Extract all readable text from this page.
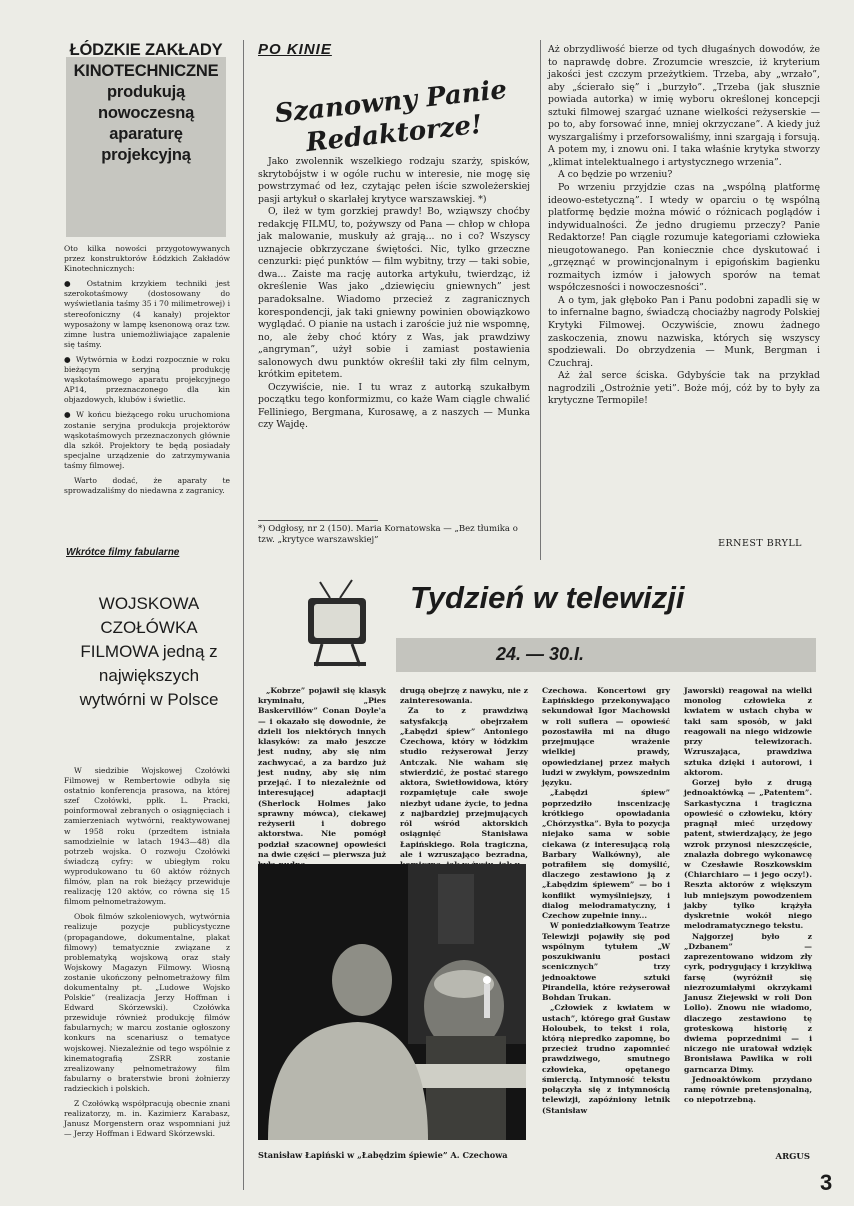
ŁÓDZKIE ZAKŁADY KINOTECHNICZNE produkują nowoczesną aparaturę projekcyjną

Oto kilka nowości przygotowywanych przez konstruktorów Łódzkich Zakładów Kinotechnicznych:

● Ostatnim krzykiem techniki jest szerokotaśmowy (dostosowany do wyświetlania taśmy 35 i 70 milimetrowej) i stereofoniczny (4 kanały) projektor wyposażony w lampę ksenonową oraz tzw. zimne lustra uniemożliwiające zapalenie się taśmy.

● Wytwórnia w Łodzi rozpocznie w roku bieżącym seryjną produkcję wąskotaśmowego aparatu projekcyjnego AP14, przeznaczonego dla kin objazdowych, klubów i świetlic.

● W końcu bieżącego roku uruchomiona zostanie seryjna produkcja projektorów wąskotaśmowych przeznaczonych głównie dla szkół. Projektory te będą posiadały specjalne urządzenie do zatrzymywania taśmy filmowej.

Warto dodać, że aparaty te sprowadzaliśmy do niedawna z zagranicy.

Wkrótce filmy fabularne
WOJSKOWA CZOŁÓWKA FILMOWA jedną z największych wytwórni w Polsce

W siedzibie Wojskowej Czołówki Filmowej w Rembertowie odbyła się ostatnio konferencja prasowa, na której szef Czołówki, ppłk. L. Pracki, poinformował zebranych o osiągnięciach i zamierzeniach wytwórni, reaktywowanej w 1958 roku (przedtem istniała samodzielnie w latach 1943—48) dla potrzeb wojska. O rozwoju Czołówki świadczą cyfry: w ubiegłym roku wyprodukowano tu 60 aktów różnych filmów, plan na rok bieżący przewiduje realizację 120 aktów, co równa się 15 filmom pełnometrażowym.

Obok filmów szkoleniowych, wytwórnia realizuje pozycje publicystyczne (propagandowe, dokumentalne, plakat filmowy) tematycznie związane z problematyką wojskową oraz stały Wojskowy Magazyn Filmowy. Wiosną zostanie ukończony pełnometrażowy film dokumentalny pt. „Ludowe Wojsko Polskie” (realizacja Jerzy Hoffman i Edward Skórzewski). Czołówka przewiduje również produkcję filmów fabularnych; w marcu zostanie ogłoszony konkurs na scenariusz o tematyce wojskowej. Niezależnie od tego wspólnie z kinematografią ZSRR zostanie zrealizowany pełnometrażowy film fabularny o braterstwie broni żołnierzy radzieckich i polskich.

Z Czołówką współpracują obecnie znani realizatorzy, m. in. Kazimierz Karabasz, Janusz Morgenstern oraz wspomniani już — Jerzy Hoffman i Edward Skórzewski.

PO KINIE
Szanowny Panie Redaktorze!

Jako zwolennik wszelkiego rodzaju szarży, spisków, skrytobójstw i w ogóle ruchu w interesie, nie mogę się powstrzymać od łez, czytając pełen iście szwoleżerskiej pasji artykuł o skarlałej krytyce warszawskiej. *)

O, ileż w tym gorzkiej prawdy! Bo, wziąwszy choćby redakcję FILMU, to, pożywszy od Pana — chłop w chłopa jak malowanie, muskuły aż grają... no i co? Wszyscy uznajecie obkrzyczane świętości. Nic, tylko grzeczne cenzurki: pięć punktów — film wybitny, trzy — taki sobie, dwa... Zaiste ma rację autorka artykułu, twierdząc, iż określenie Was jako „dziewięciu gniewnych” jest paradoksalne. Wiadomo przecież z zagranicznych korespondencji, jak taki gniewny powinien obowiązkowo wyglądać. O pianie na ustach i zaroście już nie wspomnę, no, ale żeby choć który z Was, jak prawdziwy „angryman”, użył sobie i zamiast postawienia salonowych dwu punktów określił taki zły film celnym, krótkim epitetem.

Oczywiście, nie. I tu wraz z autorką szukałbym początku tego konformizmu, co każe Wam ciągle chwalić Felliniego, Bergmana, Kurosawę, a z naszych — Munka czy Wajdę.

*) Odgłosy, nr 2 (150). Maria Kornatowska — „Bez tłumika o tzw. „krytyce warszawskiej”

Aż obrzydliwość bierze od tych długaśnych dowodów, że to naprawdę dobre. Zrozumcie wreszcie, iż kryterium jakości jest czczym przeżytkiem. Trzeba, aby „wrzało”, aby „ścierało się” i „burzyło”. „Trzeba (jak słusznie powiada autorka) w imię wyboru określonej koncepcji sztuki filmowej szargać uznane wielkości reżyserskie — po to, aby forsować inne, mniej okrzyczane”. A kiedy już wyszargaliśmy i przeforsowaliśmy, inni szargają i forsują. A potem my, i znowu oni. I taka właśnie krytyka stworzy „klimat intelektualnego i artystycznego wrzenia”.

A co będzie po wrzeniu?

Po wrzeniu przyjdzie czas na „wspólną platformę ideowo-estetyczną”. I wtedy w oparciu o tę wspólną platformę będzie można mówić o różnicach poglądów i indywidualności. Że jedno drugiemu przeczy? Panie Redaktorze! Pan ciągle rozumuje kategoriami człowieka nieugotowanego. Pan koniecznie chce dyskutować i „grzęznąć w prowincjonalnym i epigońskim bagienku rozmaitych izmów i jałowych sporów na temat współczesności i nowoczesności”.

A o tym, jak głęboko Pan i Panu podobni zapadli się w to infernalne bagno, świadczą chociażby nagrody Polskiej Krytyki Filmowej. Oczywiście, znowu żadnego zaskoczenia, znowu nazwiska, których się wszyscy spodziewali. Do obrzydzenia — Munk, Bergman i Czuchraj.

Aż żal serce ściska. Gdybyście tak na przykład nagrodzili „Ostrożnie yeti”. Boże mój, cóż by to były za krytyczne Termopile!

ERNEST BRYLL
Tydzień w telewizji
24. — 30.I.

„Kobrze” pojawił się klasyk kryminału, „Pies Baskervillów” Conan Doyle'a — i okazało się dowodnie, że dzieli los niektórych innych klasyków: za mało jeszcze jest nudny, aby się nim zachwycać, a za bardzo już jest nudny, aby się nim przejąć. I to niezależnie od interesującej adaptacji (Sherlock Holmes jako sprawny mówca), ciekawej reżyserii i dobrego aktorstwa. Nie pomógł podział szacownej opowieści na dwie części — pierwsza już

drugą obejrzę z nawyku, nie z zainteresowania.

Za to z prawdziwą satysfakcją obejrzałem „Łabędzi śpiew” Antoniego Czechowa, który w łódzkim studio reżyserował Jerzy Antczak. Nie waham się stwierdzić, że postać starego aktora, Swietłowidowa, który rozpamiętuje całe swoje niezbyt udane życie, to jedna z najbardziej przejmujących ról wśród aktorskich osiągnięć Stanisława Łapińskiego. Rola tragiczna, ale i wzruszająco bezradna,

Stanisław Łapiński w „Łabędzim śpiewie” A. Czechowa

Czechowa. Koncertowi gry Łapińskiego przekonywająco sekundował Igor Machowski w roli suflera — opowieść pozostawiła mi na długo przejmujące wrażenie wielkiej prawdy, opowiedzianej przez małych ludzi w zwykłym, powszednim języku.

„Łabędzi śpiew” poprzedziło inscenizację krótkiego opowiadania „Chórzystka”. Była to pozycja niejako sama w sobie ciekawa (z interesującą rolą Barbary Walkówny), ale potrafiłem się domyślić, dlaczego zestawiono ją z „Łabędzim śpiewem” — bo i konflikt wymyślniejszy, i dialog melodramatyczny, i Czechow zupełnie inny...

W poniedziałkowym Teatrze Telewizji pojawiły się pod wspólnym tytułem „W poszukiwaniu postaci scenicznych” trzy jednoaktowe sztuki Pirandella, które reżyserował Bohdan Trukan.

„Człowiek z kwiatem w ustach”, którego grał Gustaw Holoubek, to tekst i rola, którą niepredko zapomnę, bo przecież trudno zapomnieć prawdziwego, smutnego człowieka, opętanego śmiercią. Intymność tekstu połączyła się z intymnością telewizji, zapóźniony letnik (Stanisław

Jaworski) reagował na wielki monolog człowieka z kwiatem w ustach chyba w taki sam sposób, w jaki reagowali na niego widzowie przy telewizorach. Wzruszająca, prawdziwa sztuka dzięki i autorowi, i aktorom.

Gorzej było z drugą jednoaktówką — „Patentem”. Sarkastyczna i tragiczna opowieść o człowieku, który pragnął mieć urzędowy patent, stwierdzający, że jego wzrok przynosi nieszczęście, znalazła dobrego wykonawcę w Czesławie Roszkowskim (Chiarchiaro — i jego oczy!). Reszta aktorów z większym lub mniejszym powodzeniem jakby tylko krążyła dyskretnie wokół niego melodramatycznego tekstu.

Najgorzej było z „Dzbanem” — zaprezentowano widzom zły cyrk, podrygujący i krzykliwą farsę (wyróżnił się niezrozumiałymi okrzykami Janusz Ziejewski w roli Don Lollo). Znowu nie wiadomo, dlaczego zestawiono tę groteskową historię z dwiema poprzednimi — i niczego nie uratował wdzięk Bronisława Pawlika w roli garncarza Dimy.

Jednoaktówkom przydano ramę równie pretensjonalną, co niepotrzebną.

ARGUS
3
